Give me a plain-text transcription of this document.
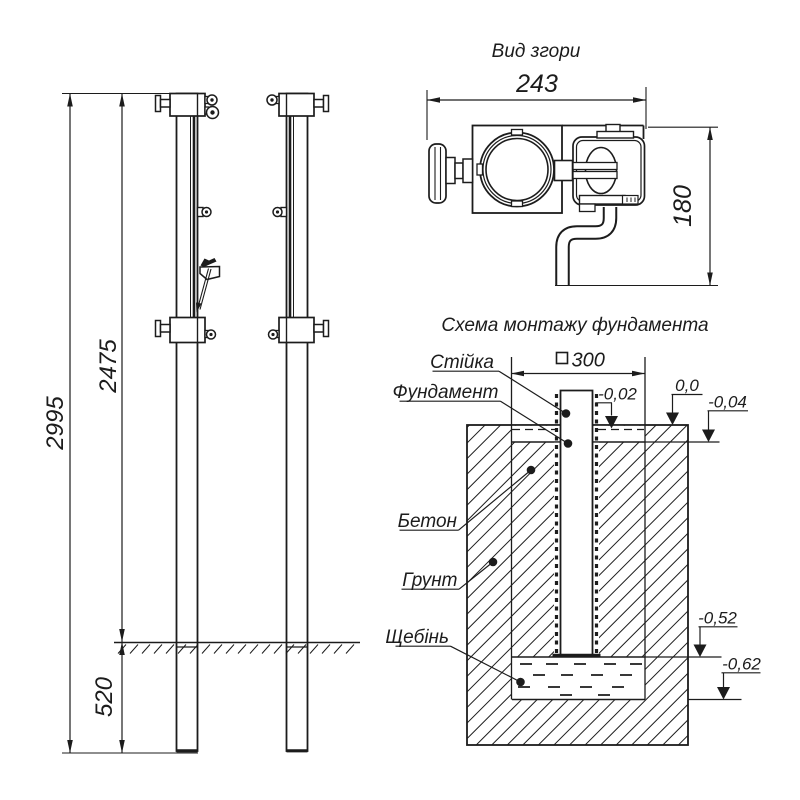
2995
2475
520
Вид згори
243
180
Схема монтажу фундамента
300
0,0
-0,02	-0,04
-0,52
-0,62
Стійка
Фундамент
Бетон
Грунт
Щебінь
